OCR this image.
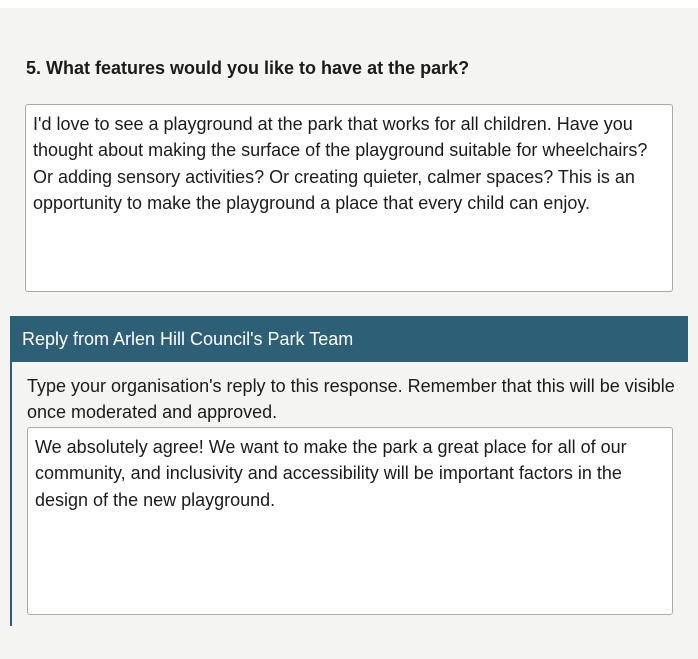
5. What features would you like to have at the park?
I'd love to see a playground at the park that works for all children. Have you thought about making the surface of the playground suitable for wheelchairs? Or adding sensory activities? Or creating quieter, calmer spaces? This is an opportunity to make the playground a place that every child can enjoy.
Reply from Arlen Hill Council's Park Team

Type your organisation's reply to this response. Remember that this will be visible once moderated and approved.

We absolutely agree! We want to make the park a great place for all of our community, and inclusivity and accessibility will be important factors in the design of the new playground.
